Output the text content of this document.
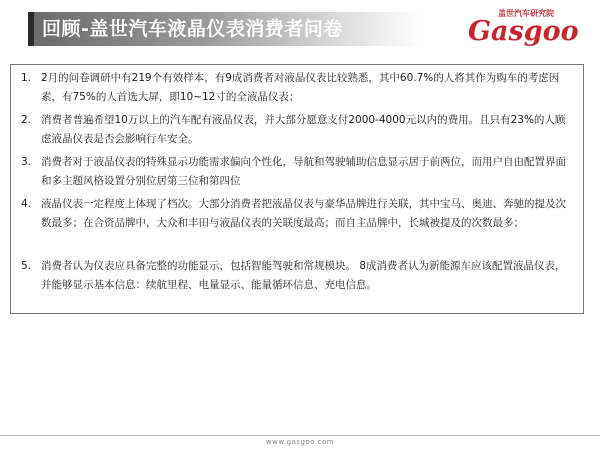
回顾-盖世汽车液晶仪表消费者问卷
盖世汽车研究院
Gasgoo
1. 2月的问卷调研中有219个有效样本，有9成消费者对液晶仪表比较熟悉，其中60.7%的人将其作为购车的考虑因素，有75%的人首选大屏，即10~12寸的全液晶仪表；
2. 消费者普遍希望10万以上的汽车配有液晶仪表，并大部分愿意支付2000-4000元以内的费用。且只有23%的人顾虑液晶仪表是否会影响行车安全。
3. 消费者对于液晶仪表的特殊显示功能需求偏向个性化，导航和驾驶辅助信息显示居于前两位，而用户自由配置界面和多主题风格设置分别位居第三位和第四位
4. 液晶仪表一定程度上体现了档次。大部分消费者把液晶仪表与豪华品牌进行关联，其中宝马、奥迪、奔驰的提及次数最多；在合资品牌中，大众和丰田与液晶仪表的关联度最高；而自主品牌中，长城被提及的次数最多；
5. 消费者认为仪表应具备完整的功能显示，包括智能驾驶和常规模块。 8成消费者认为新能源车应该配置液晶仪表，并能够显示基本信息：续航里程、电量显示、能量循环信息、充电信息。
www.gasgoo.com
